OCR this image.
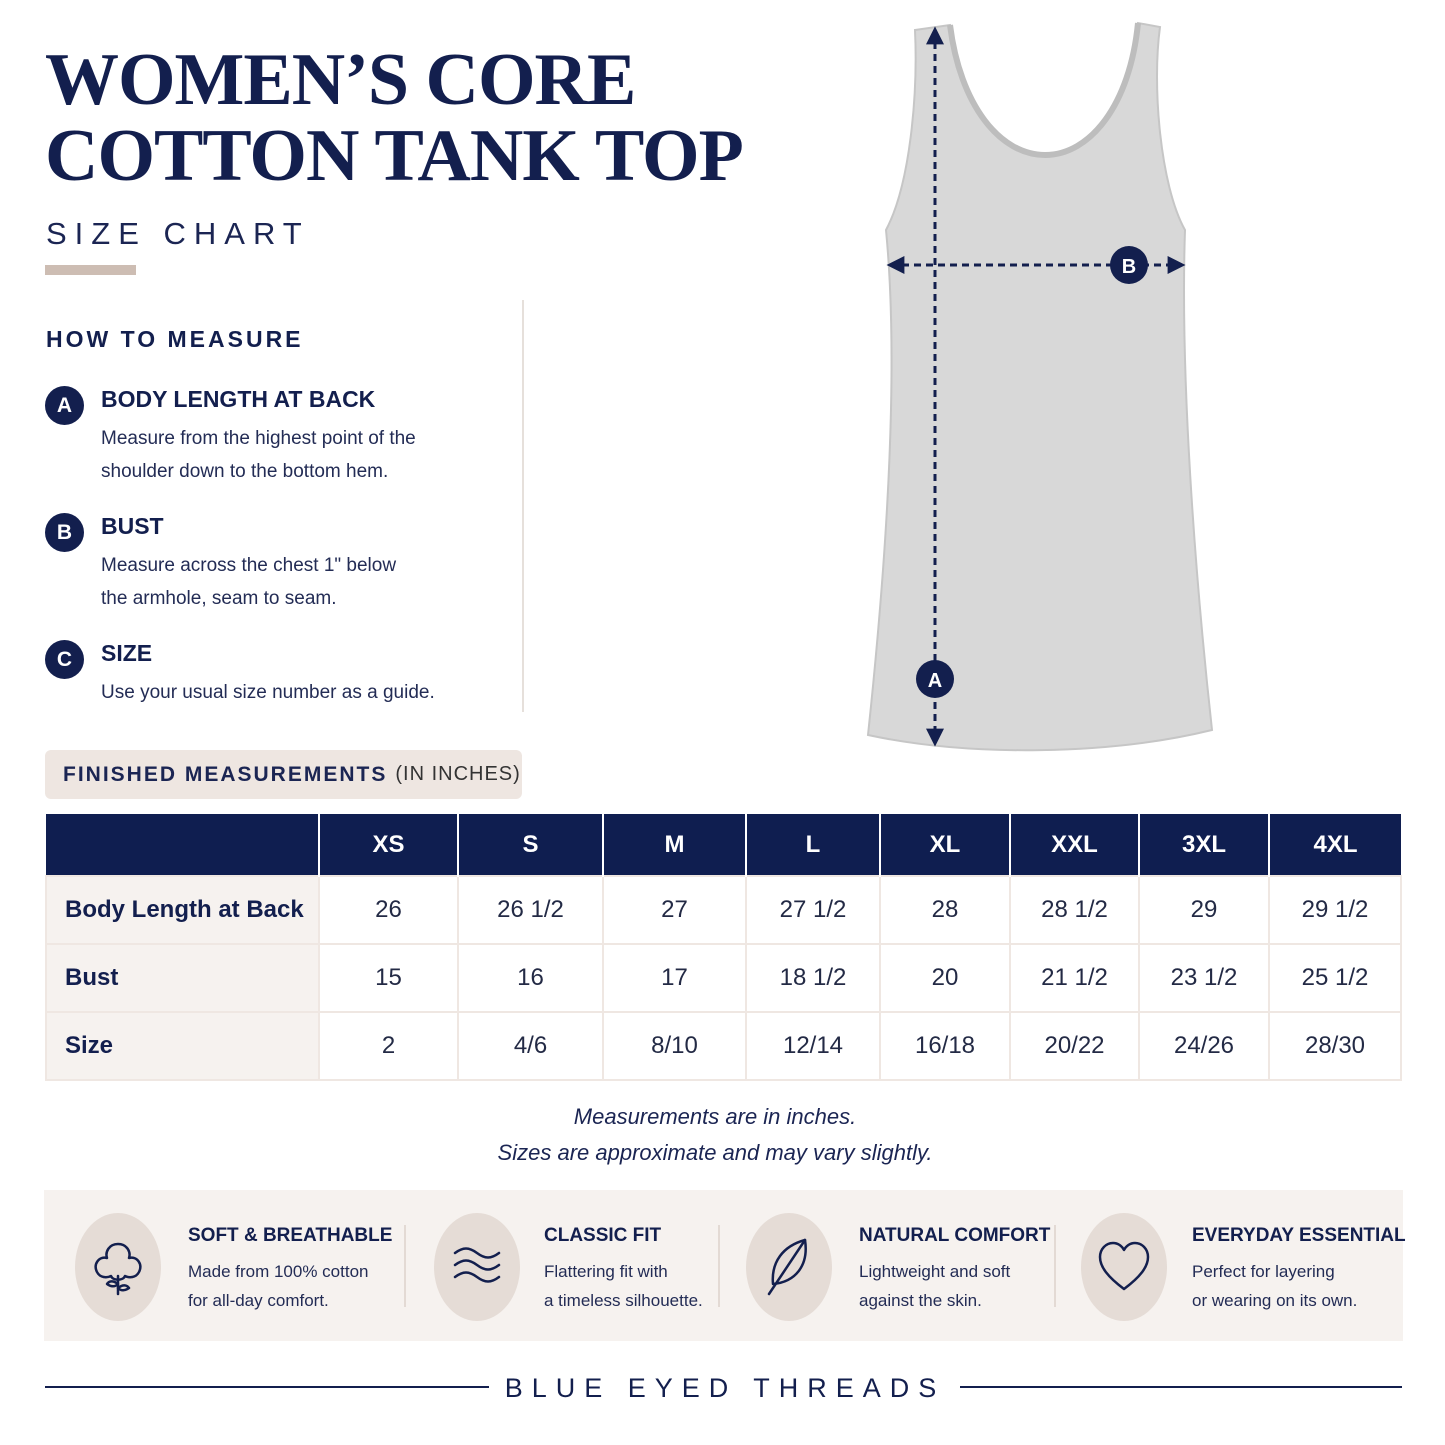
WOMEN’S CORE
COTTON TANK TOP
SIZE CHART
HOW TO MEASURE
A	BODY LENGTH AT BACK
Measure from the highest point of the
shoulder down to the bottom hem.
B	BUST
Measure across the chest 1" below
the armhole, seam to seam.
C	SIZE
Use your usual size number as a guide.
B
A
FINISHED MEASUREMENTS (IN INCHES)
	XS	S	M	L	XL	XXL	3XL	4XL
Body Length at Back	26	26 1/2	27	27 1/2	28	28 1/2	29	29 1/2
Bust	15	16	17	18 1/2	20	21 1/2	23 1/2	25 1/2
Size	2	4/6	8/10	12/14	16/18	20/22	24/26	28/30
Measurements are in inches.
Sizes are approximate and may vary slightly.
SOFT & BREATHABLE
Made from 100% cotton
for all-day comfort.
CLASSIC FIT
Flattering fit with
a timeless silhouette.
NATURAL COMFORT
Lightweight and soft
against the skin.
EVERYDAY ESSENTIAL
Perfect for layering
or wearing on its own.
BLUE EYED THREADS
